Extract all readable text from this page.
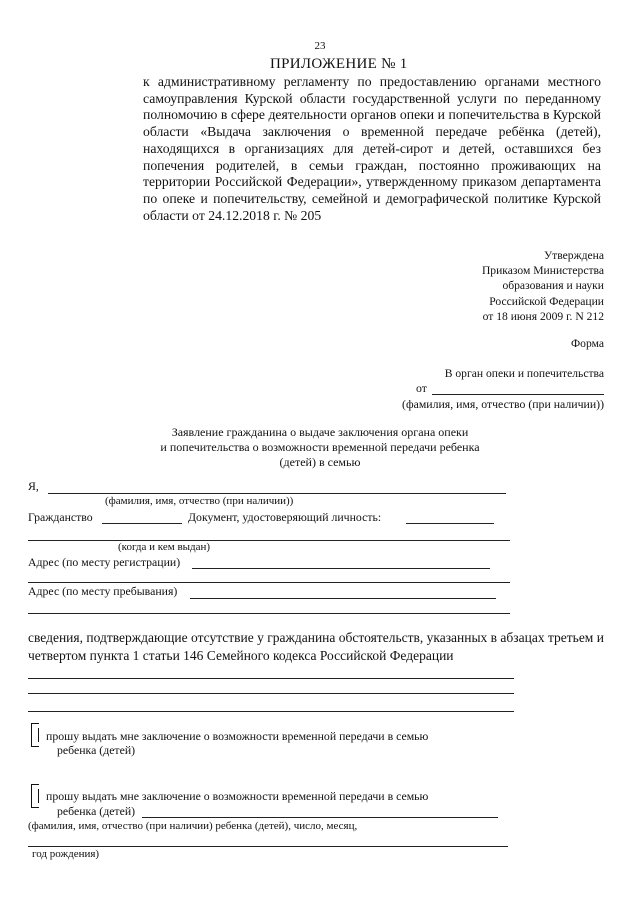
23
ПРИЛОЖЕНИЕ № 1

к административному регламенту по предоставлению органами местного самоуправления Курской области государственной услуги по переданному полномочию в сфере деятельности органов опеки и попечительства в Курской области «Выдача заключения о временной передаче ребёнка (детей), находящихся в организациях для детей-сирот и детей, оставшихся без попечения родителей, в семьи граждан, постоянно проживающих на территории Российской Федерации», утвержденному приказом департамента по опеке и попечительству, семейной и демографической политике Курской области от 24.12.2018 г. № 205

Утверждена
Приказом Министерства
образования и науки
Российской Федерации
от 18 июня 2009 г. N 212
Форма
В орган опеки и попечительства
от
(фамилия, имя, отчество (при наличии))
Заявление гражданина о выдаче заключения органа опеки
и попечительства о возможности временной передачи ребенка
(детей) в семью
Я,
(фамилия, имя, отчество (при наличии))
Гражданство	Документ, удостоверяющий личность:
(когда и кем выдан)
Адрес (по месту регистрации)
Адрес (по месту пребывания)

сведения, подтверждающие отсутствие у гражданина обстоятельств, указанных в абзацах третьем и четвертом пункта 1 статьи 146 Семейного кодекса Российской Федерации

прошу выдать мне заключение о возможности временной передачи в семью
ребенка (детей)
прошу выдать мне заключение о возможности временной передачи в семью
ребенка (детей)
(фамилия, имя, отчество (при наличии) ребенка (детей), число, месяц,
год рождения)
